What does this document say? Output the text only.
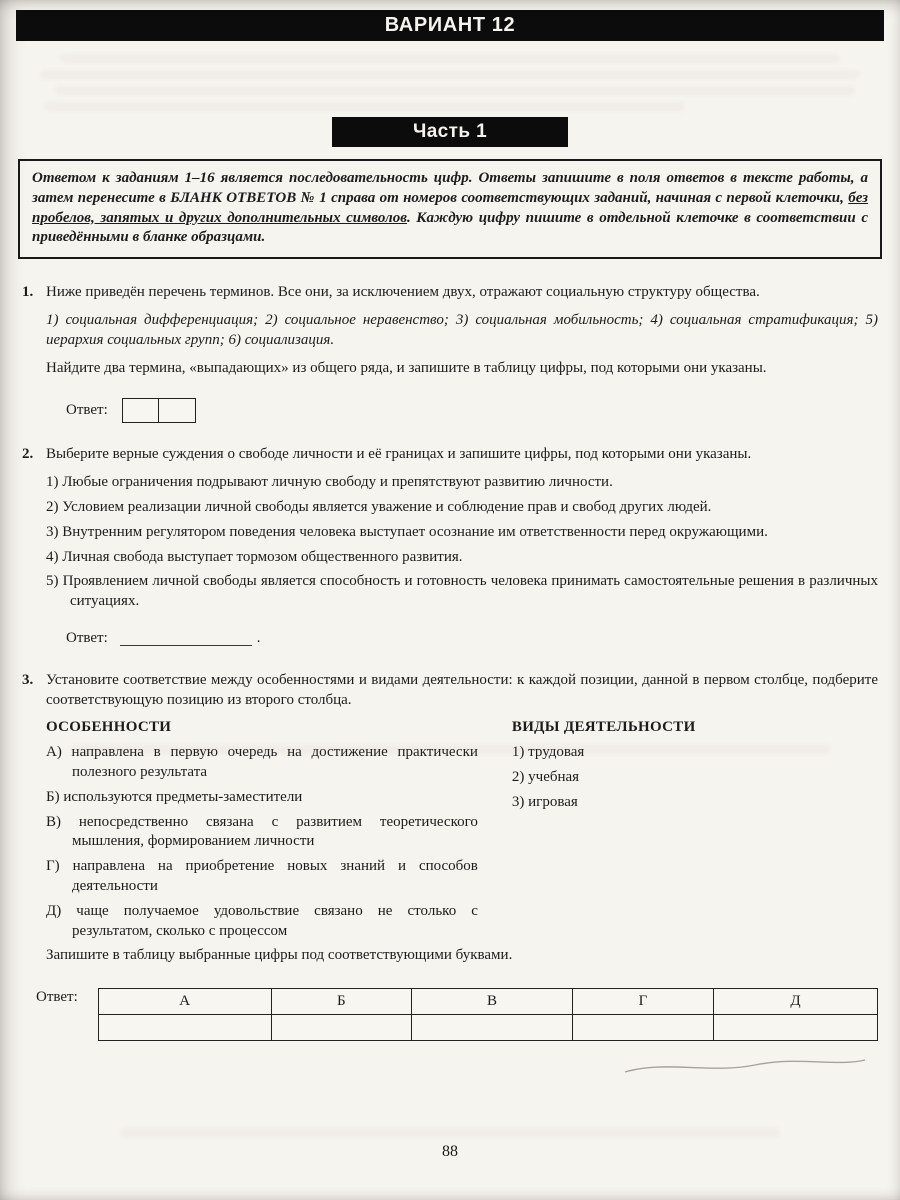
ВАРИАНТ 12
Часть 1
Ответом к заданиям 1–16 является последовательность цифр. Ответы запишите в поля ответов в тексте работы, а затем перенесите в БЛАНК ОТВЕТОВ № 1 справа от номеров соответствующих заданий, начиная с первой клеточки, без пробелов, запятых и других дополнительных символов. Каждую цифру пишите в отдельной клеточке в соответствии с приведёнными в бланке образцами.
1. Ниже приведён перечень терминов. Все они, за исключением двух, отражают социальную структуру общества.

1) социальная дифференциация; 2) социальное неравенство; 3) социальная мобильность; 4) социальная стратификация; 5) иерархия социальных групп; 6) социализация.

Найдите два термина, «выпадающих» из общего ряда, и запишите в таблицу цифры, под которыми они указаны.

Ответ:
2. Выберите верные суждения о свободе личности и её границах и запишите цифры, под которыми они указаны.

1) Любые ограничения подрывают личную свободу и препятствуют развитию личности.

2) Условием реализации личной свободы является уважение и соблюдение прав и свобод других людей.

3) Внутренним регулятором поведения человека выступает осознание им ответственности перед окружающими.

4) Личная свобода выступает тормозом общественного развития.

5) Проявлением личной свободы является способность и готовность человека принимать самостоятельные решения в различных ситуациях.

Ответ:	.
3. Установите соответствие между особенностями и видами деятельности: к каждой позиции, данной в первом столбце, подберите соответствующую позицию из второго столбца.

ОСОБЕННОСТИ

А) направлена в первую очередь на достижение практически полезного результата

Б) используются предметы-заместители

В) непосредственно связана с развитием теоретического мышления, формированием личности

Г) направлена на приобретение новых знаний и способов деятельности

Д) чаще получаемое удовольствие связано не столько с результатом, сколько с процессом

ВИДЫ ДЕЯТЕЛЬНОСТИ

1) трудовая

2) учебная

3) игровая

Запишите в таблицу выбранные цифры под соответствующими буквами.

Ответ:	А	Б	В	Г	Д

88
